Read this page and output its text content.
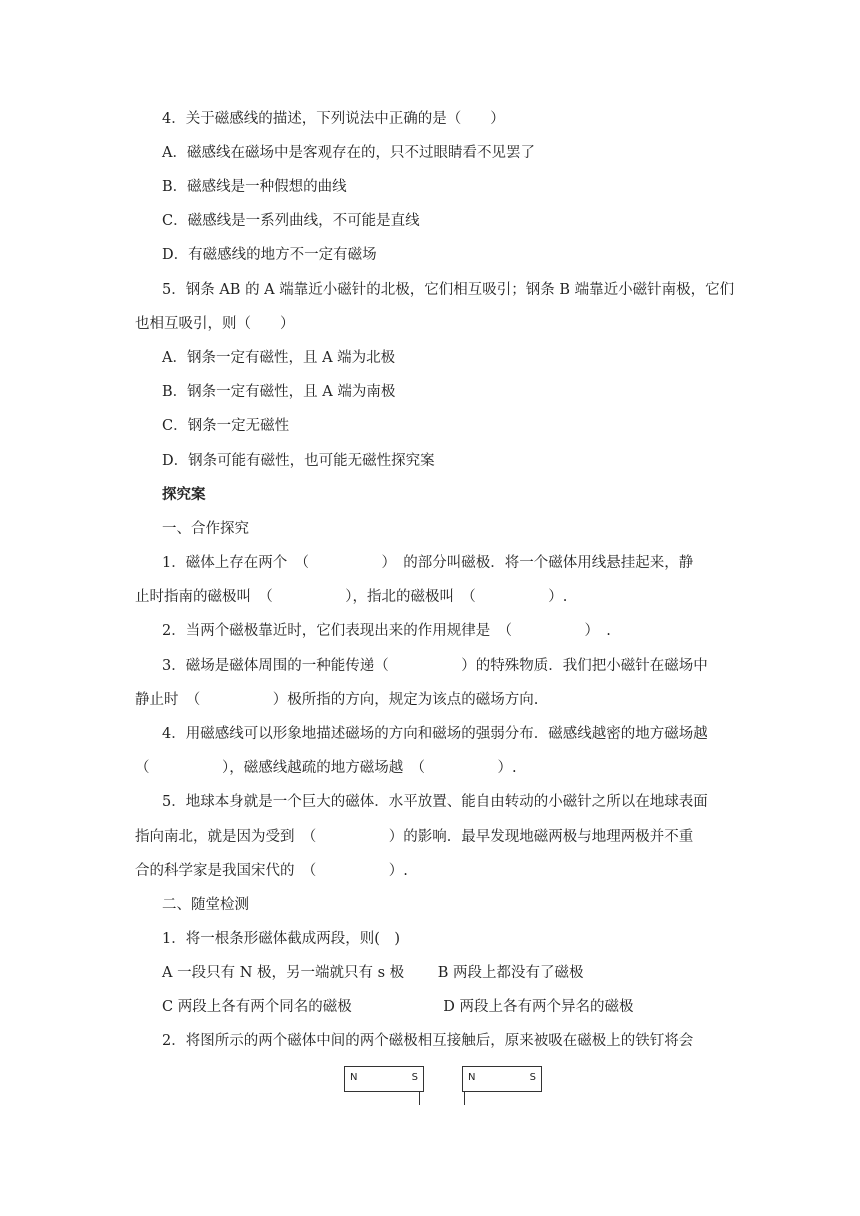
4．关于磁感线的描述，下列说法中正确的是（　　）
A．磁感线在磁场中是客观存在的，只不过眼睛看不见罢了
B．磁感线是一种假想的曲线
C．磁感线是一系列曲线，不可能是直线
D．有磁感线的地方不一定有磁场
5．钢条 AB 的 A 端靠近小磁针的北极，它们相互吸引；钢条 B 端靠近小磁针南极，它们
也相互吸引，则（　　）
A．钢条一定有磁性，且 A 端为北极
B．钢条一定有磁性，且 A 端为南极
C．钢条一定无磁性
D．钢条可能有磁性，也可能无磁性探究案
探究案
一、合作探究
1．磁体上存在两个　（　　　　　）　的部分叫磁极．将一个磁体用线悬挂起来，静
止时指南的磁极叫　（　　　　　），指北的磁极叫　（　　　　　）.
2．当两个磁极靠近时，它们表现出来的作用规律是　（　　　　　）　.
3．磁场是磁体周围的一种能传递（　　　　　）的特殊物质．我们把小磁针在磁场中
静止时　（　　　　　）极所指的方向，规定为该点的磁场方向.
4．用磁感线可以形象地描述磁场的方向和磁场的强弱分布．磁感线越密的地方磁场越
（　　　　　），磁感线越疏的地方磁场越　（　　　　　）.
5．地球本身就是一个巨大的磁体．水平放置、能自由转动的小磁针之所以在地球表面
指向南北，就是因为受到　（　　　　　）的影响．最早发现地磁两极与地理两极并不重
合的科学家是我国宋代的　（　　　　　）.
二、随堂检测
1．将一根条形磁体截成两段，则(　)
A 一段只有 N 极，另一端就只有 s 极　　 B 两段上都没有了磁极
C 两段上各有两个同名的磁极　　　　　　 D 两段上各有两个异名的磁极
2．将图所示的两个磁体中间的两个磁极相互接触后，原来被吸在磁极上的铁钉将会
N	S	N	S
